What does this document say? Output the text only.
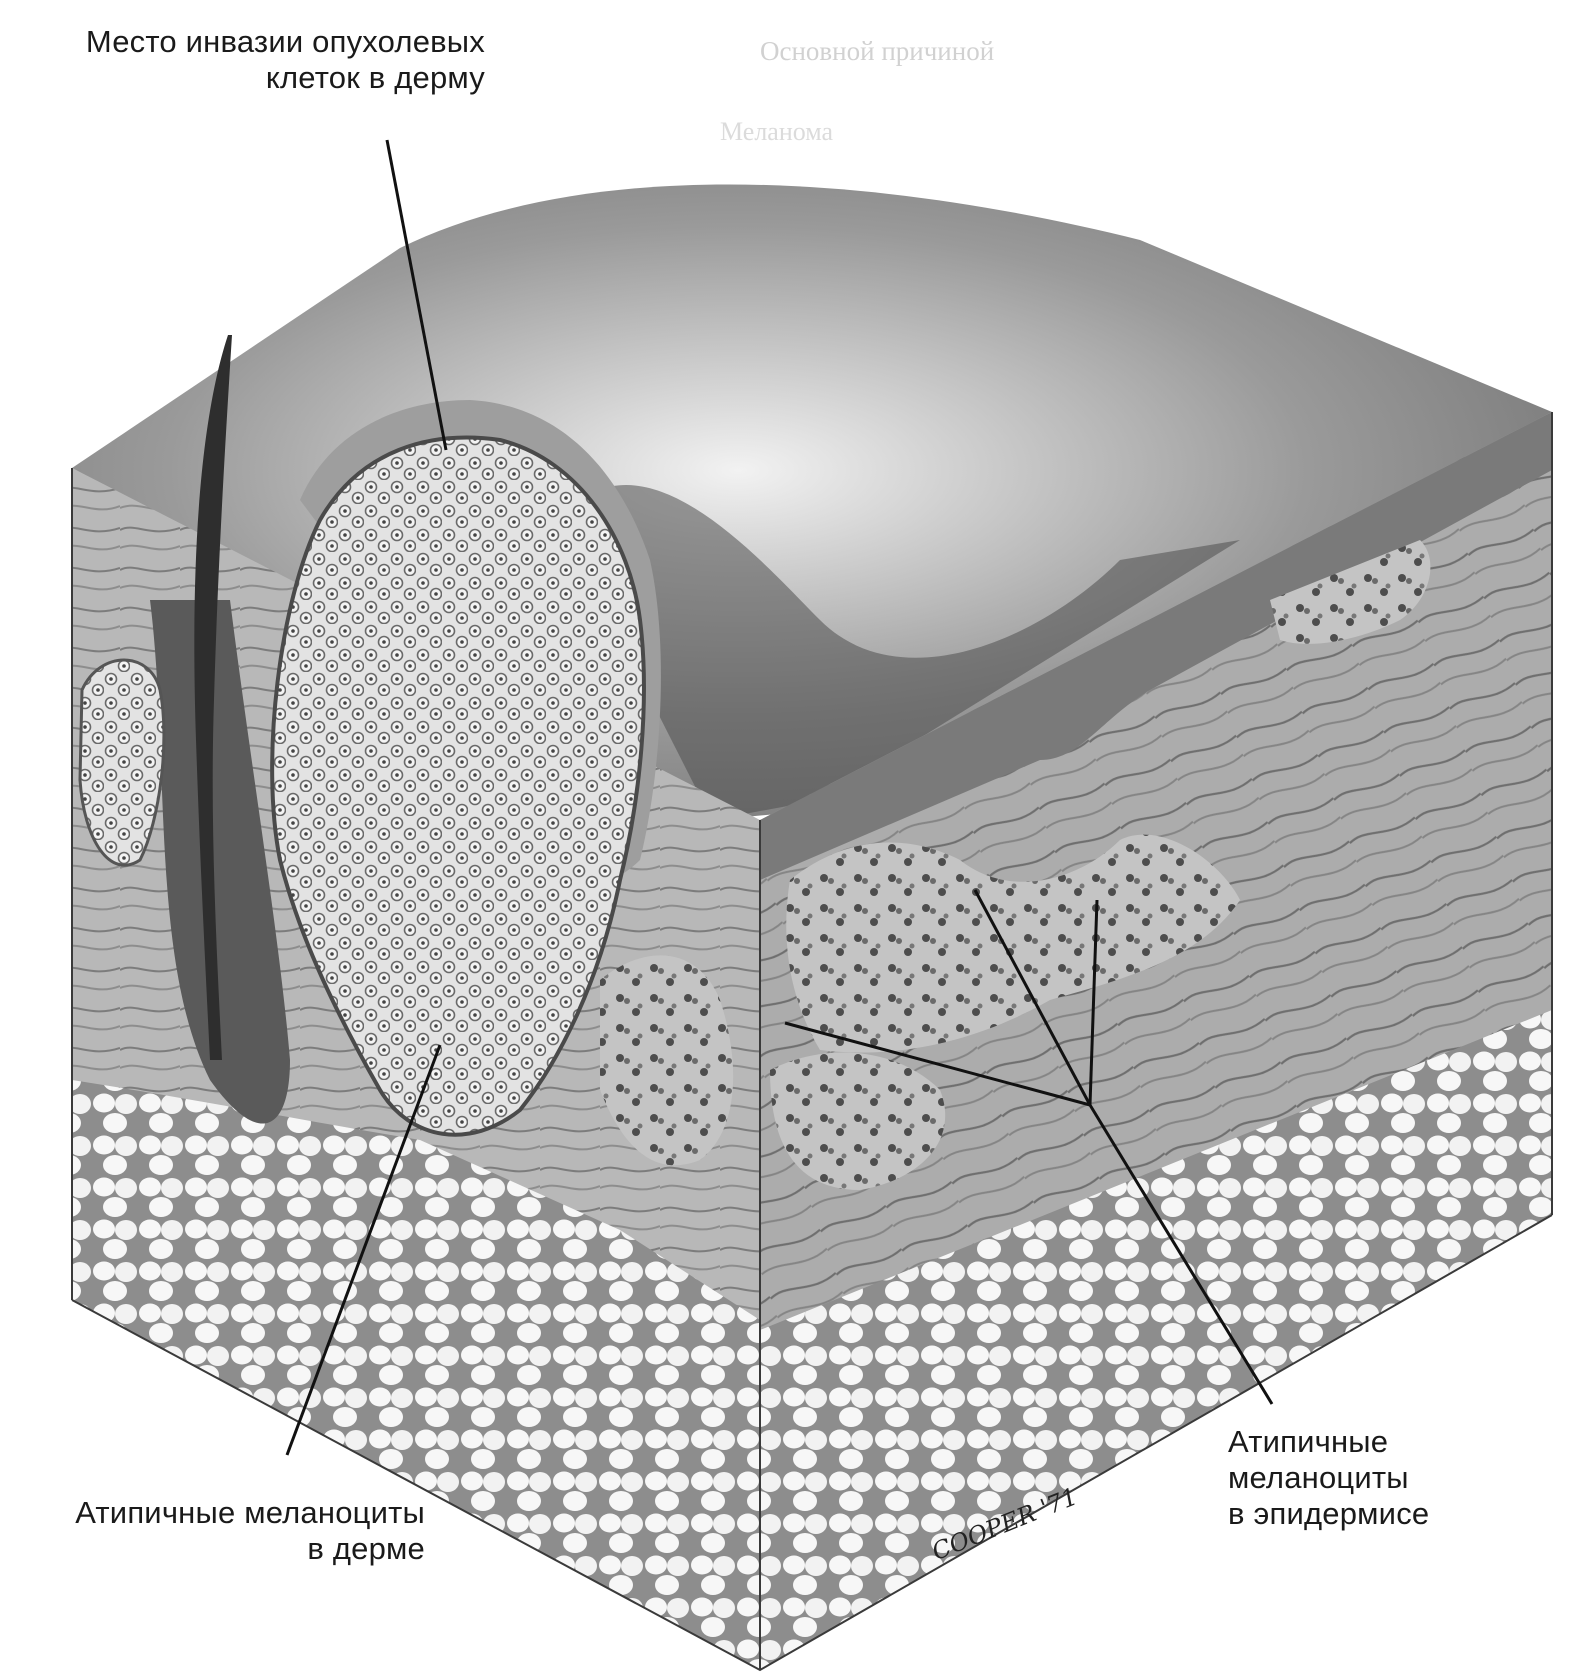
Основной причиной
Меланома
Место инвазии опухолевых
клеток в дерму
Атипичные меланоциты
в дерме
Атипичные
меланоциты
в эпидермисе
COOPER '71
